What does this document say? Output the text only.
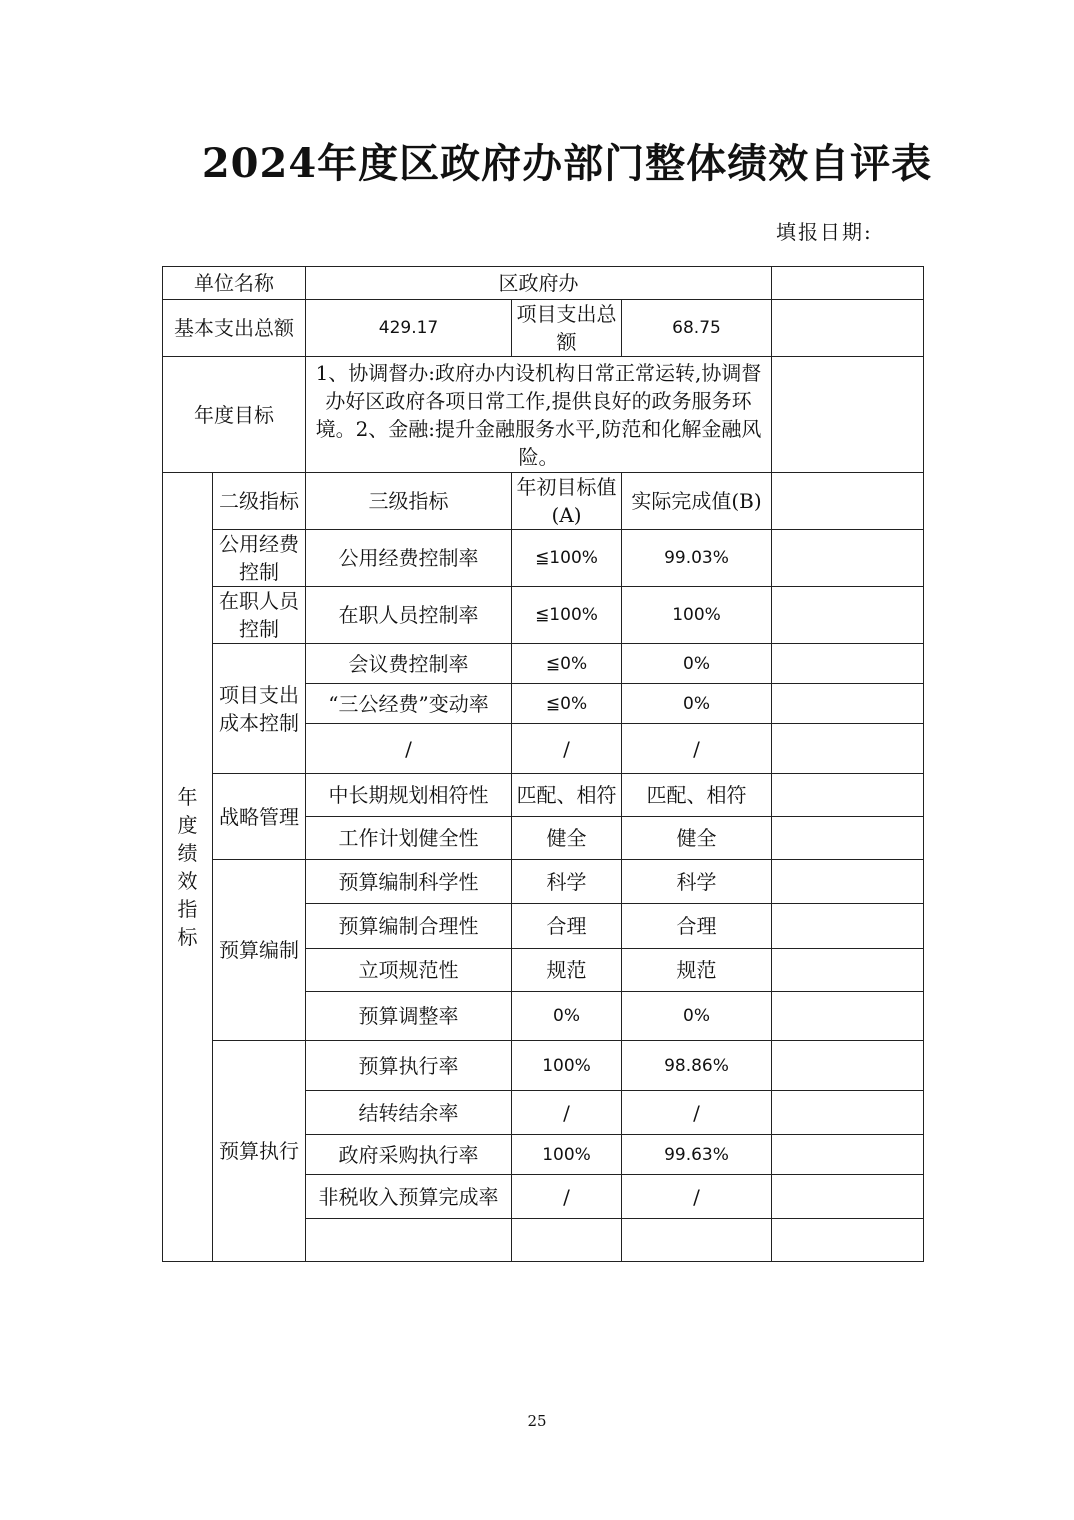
2024年度区政府办部门整体绩效自评表
填报日期:
单位名称		区政府办			
基本支出总额		429.17	项目支出总额	68.75	
年度目标		1、协调督办:政府办内设机构日常正常运转,协调督办好区政府各项日常工作,提供良好的政务服务环境。2、金融:提升金融服务水平,防范和化解金融风险。			
年度绩效指标	二级指标	三级指标	年初目标值(A)	实际完成值(B)	
	公用经费控制	公用经费控制率	≦100%	99.03%	
	在职人员控制	在职人员控制率	≦100%	100%	
	项目支出成本控制	会议费控制率	≦0%	0%	
		“三公经费”变动率	≦0%	0%	
		/	/	/	
	战略管理	中长期规划相符性	匹配、相符	匹配、相符	
		工作计划健全性	健全	健全	
	预算编制	预算编制科学性	科学	科学	
		预算编制合理性	合理	合理	
		立项规范性	规范	规范	
		预算调整率	0%	0%	
	预算执行	预算执行率	100%	98.86%	
		结转结余率	/	/	
		政府采购执行率	100%	99.63%	
		非税收入预算完成率	/	/	

25
